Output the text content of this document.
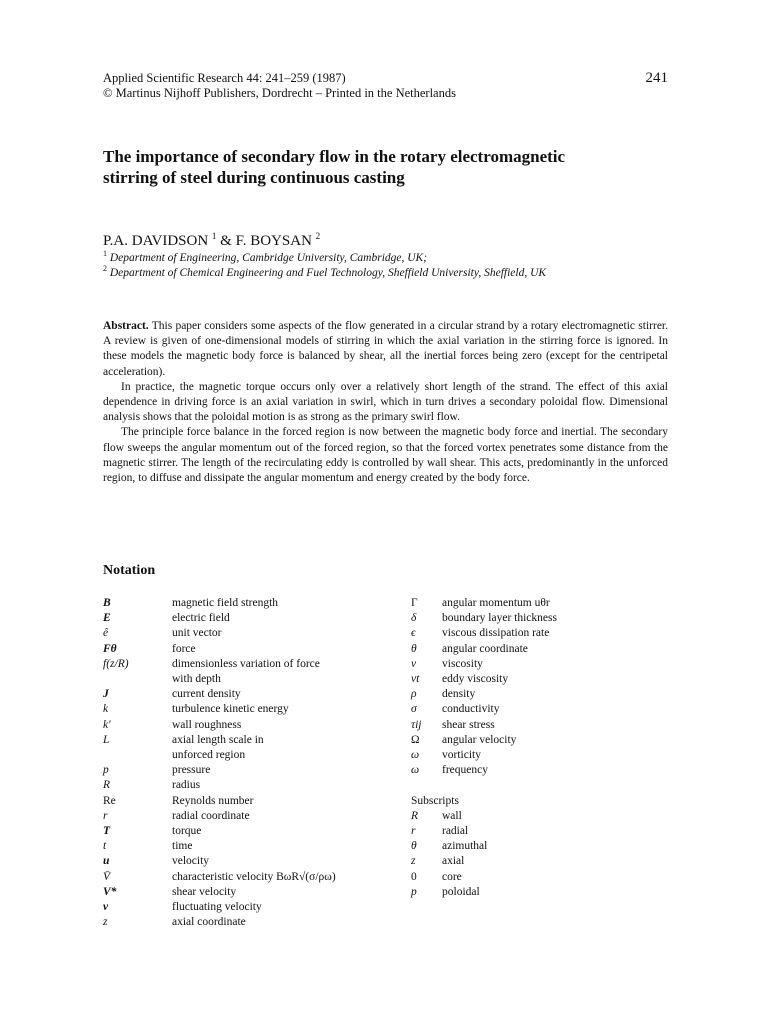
Applied Scientific Research 44: 241–259 (1987)
© Martinus Nijhoff Publishers, Dordrecht – Printed in the Netherlands
241
The importance of secondary flow in the rotary electromagnetic
stirring of steel during continuous casting
P.A. DAVIDSON $^1$ & F. BOYSAN $^2$
$^1$ Department of Engineering, Cambridge University, Cambridge, UK;
$^2$ Department of Chemical Engineering and Fuel Technology, Sheffield University, Sheffield, UK

Abstract. This paper considers some aspects of the flow generated in a circular strand by a rotary electromagnetic stirrer. A review is given of one-dimensional models of stirring in which the axial variation in the stirring force is ignored. In these models the magnetic body force is balanced by shear, all the inertial forces being zero (except for the centripetal acceleration).

In practice, the magnetic torque occurs only over a relatively short length of the strand. The effect of this axial dependence in driving force is an axial variation in swirl, which in turn drives a secondary poloidal flow. Dimensional analysis shows that the poloidal motion is as strong as the primary swirl flow.

The principle force balance in the forced region is now between the magnetic body force and inertial. The secondary flow sweeps the angular momentum out of the forced region, so that the forced vortex penetrates some distance from the magnetic stirrer. The length of the recirculating eddy is controlled by wall shear. This acts, predominantly in the unforced region, to diffuse and dissipate the angular momentum and energy created by the body force.

Notation
B	magnetic field strength
E	electric field
ê	unit vector
Fθ	force
f(z/R)	dimensionless variation of force
with depth
J	current density
k	turbulence kinetic energy
k′	wall roughness
L	axial length scale in
unforced region
p	pressure
R	radius
Re	Reynolds number
r	radial coordinate
T	torque
t	time
u	velocity
V̄	characteristic velocity BωR√(σ/ρω)
V*	shear velocity
v	fluctuating velocity
z	axial coordinate
Γ	angular momentum uθr
δ	boundary layer thickness
ϵ	viscous dissipation rate
θ	angular coordinate
ν	viscosity
νt	eddy viscosity
ρ	density
σ	conductivity
τij	shear stress
Ω	angular velocity
ω	vorticity
ω	frequency
Subscripts
R	wall
r	radial
θ	azimuthal
z	axial
0	core
p	poloidal
